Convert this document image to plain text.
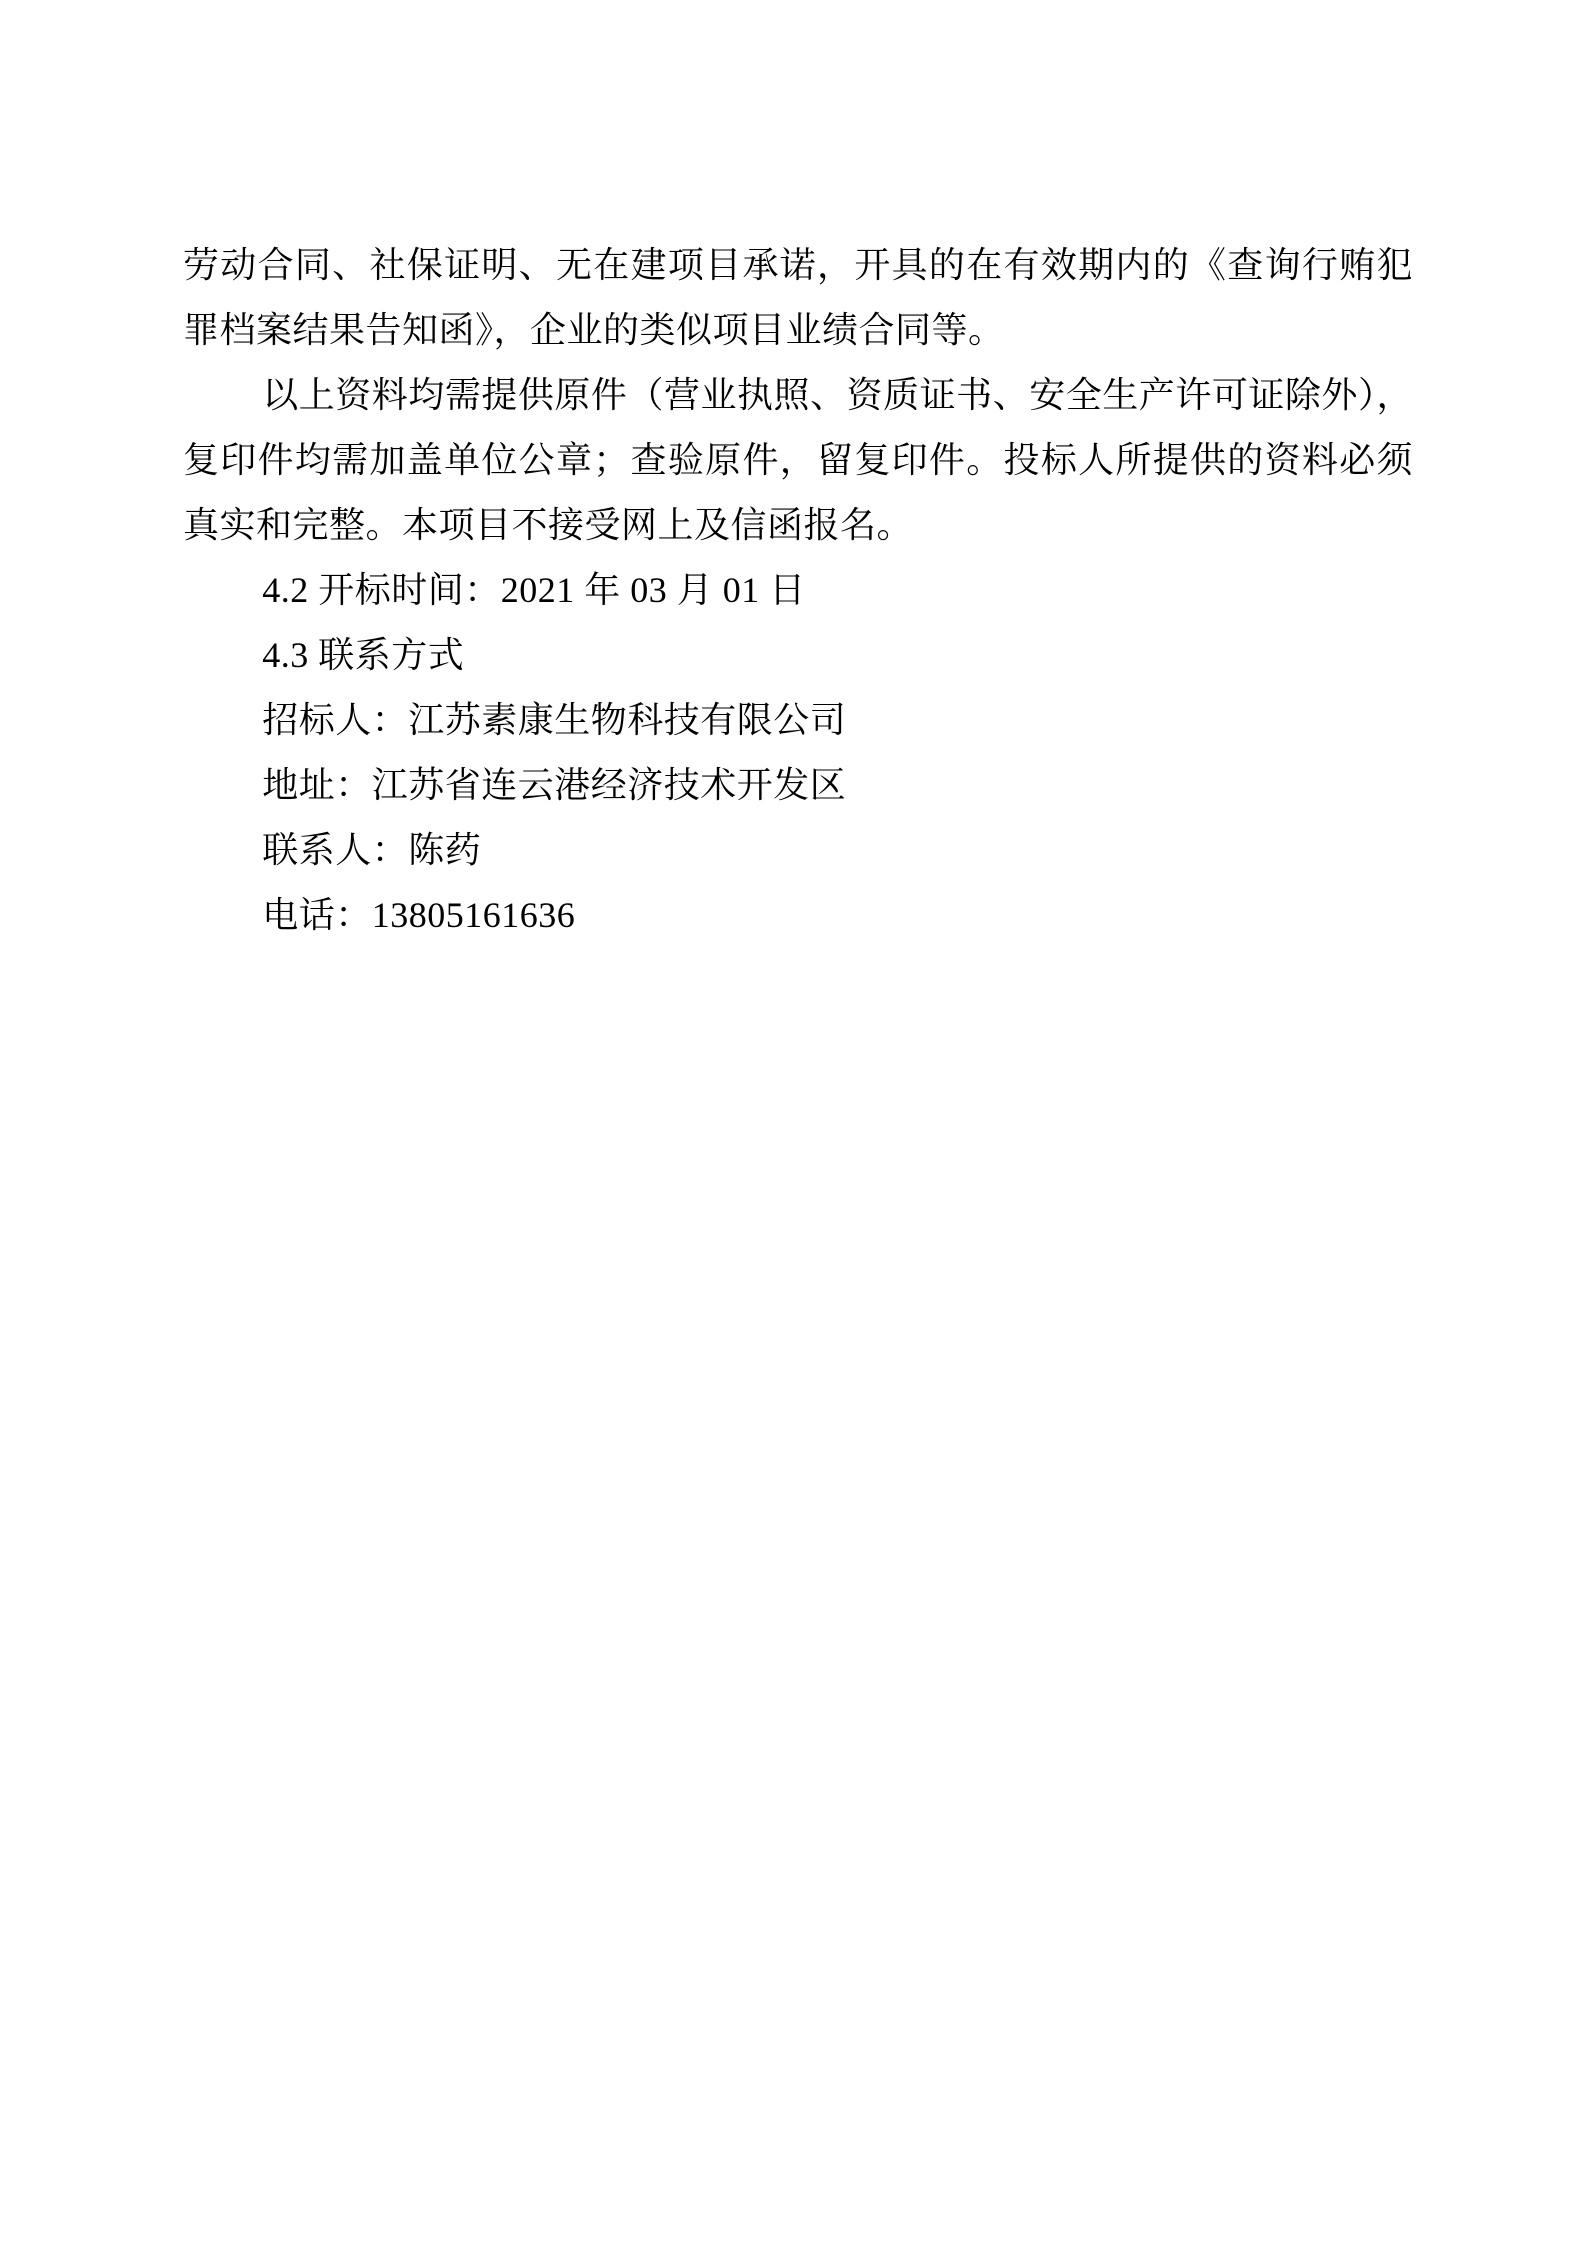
劳动合同、社保证明、无在建项目承诺，开具的在有效期内的《查询行贿犯罪档案结果告知函》，企业的类似项目业绩合同等。

以上资料均需提供原件（营业执照、资质证书、安全生产许可证除外），复印件均需加盖单位公章；查验原件，留复印件。投标人所提供的资料必须真实和完整。本项目不接受网上及信函报名。

4.2 开标时间：2021 年 03 月 01 日

4.3 联系方式

招标人：江苏素康生物科技有限公司

地址：江苏省连云港经济技术开发区

联系人：陈药

电话：13805161636
